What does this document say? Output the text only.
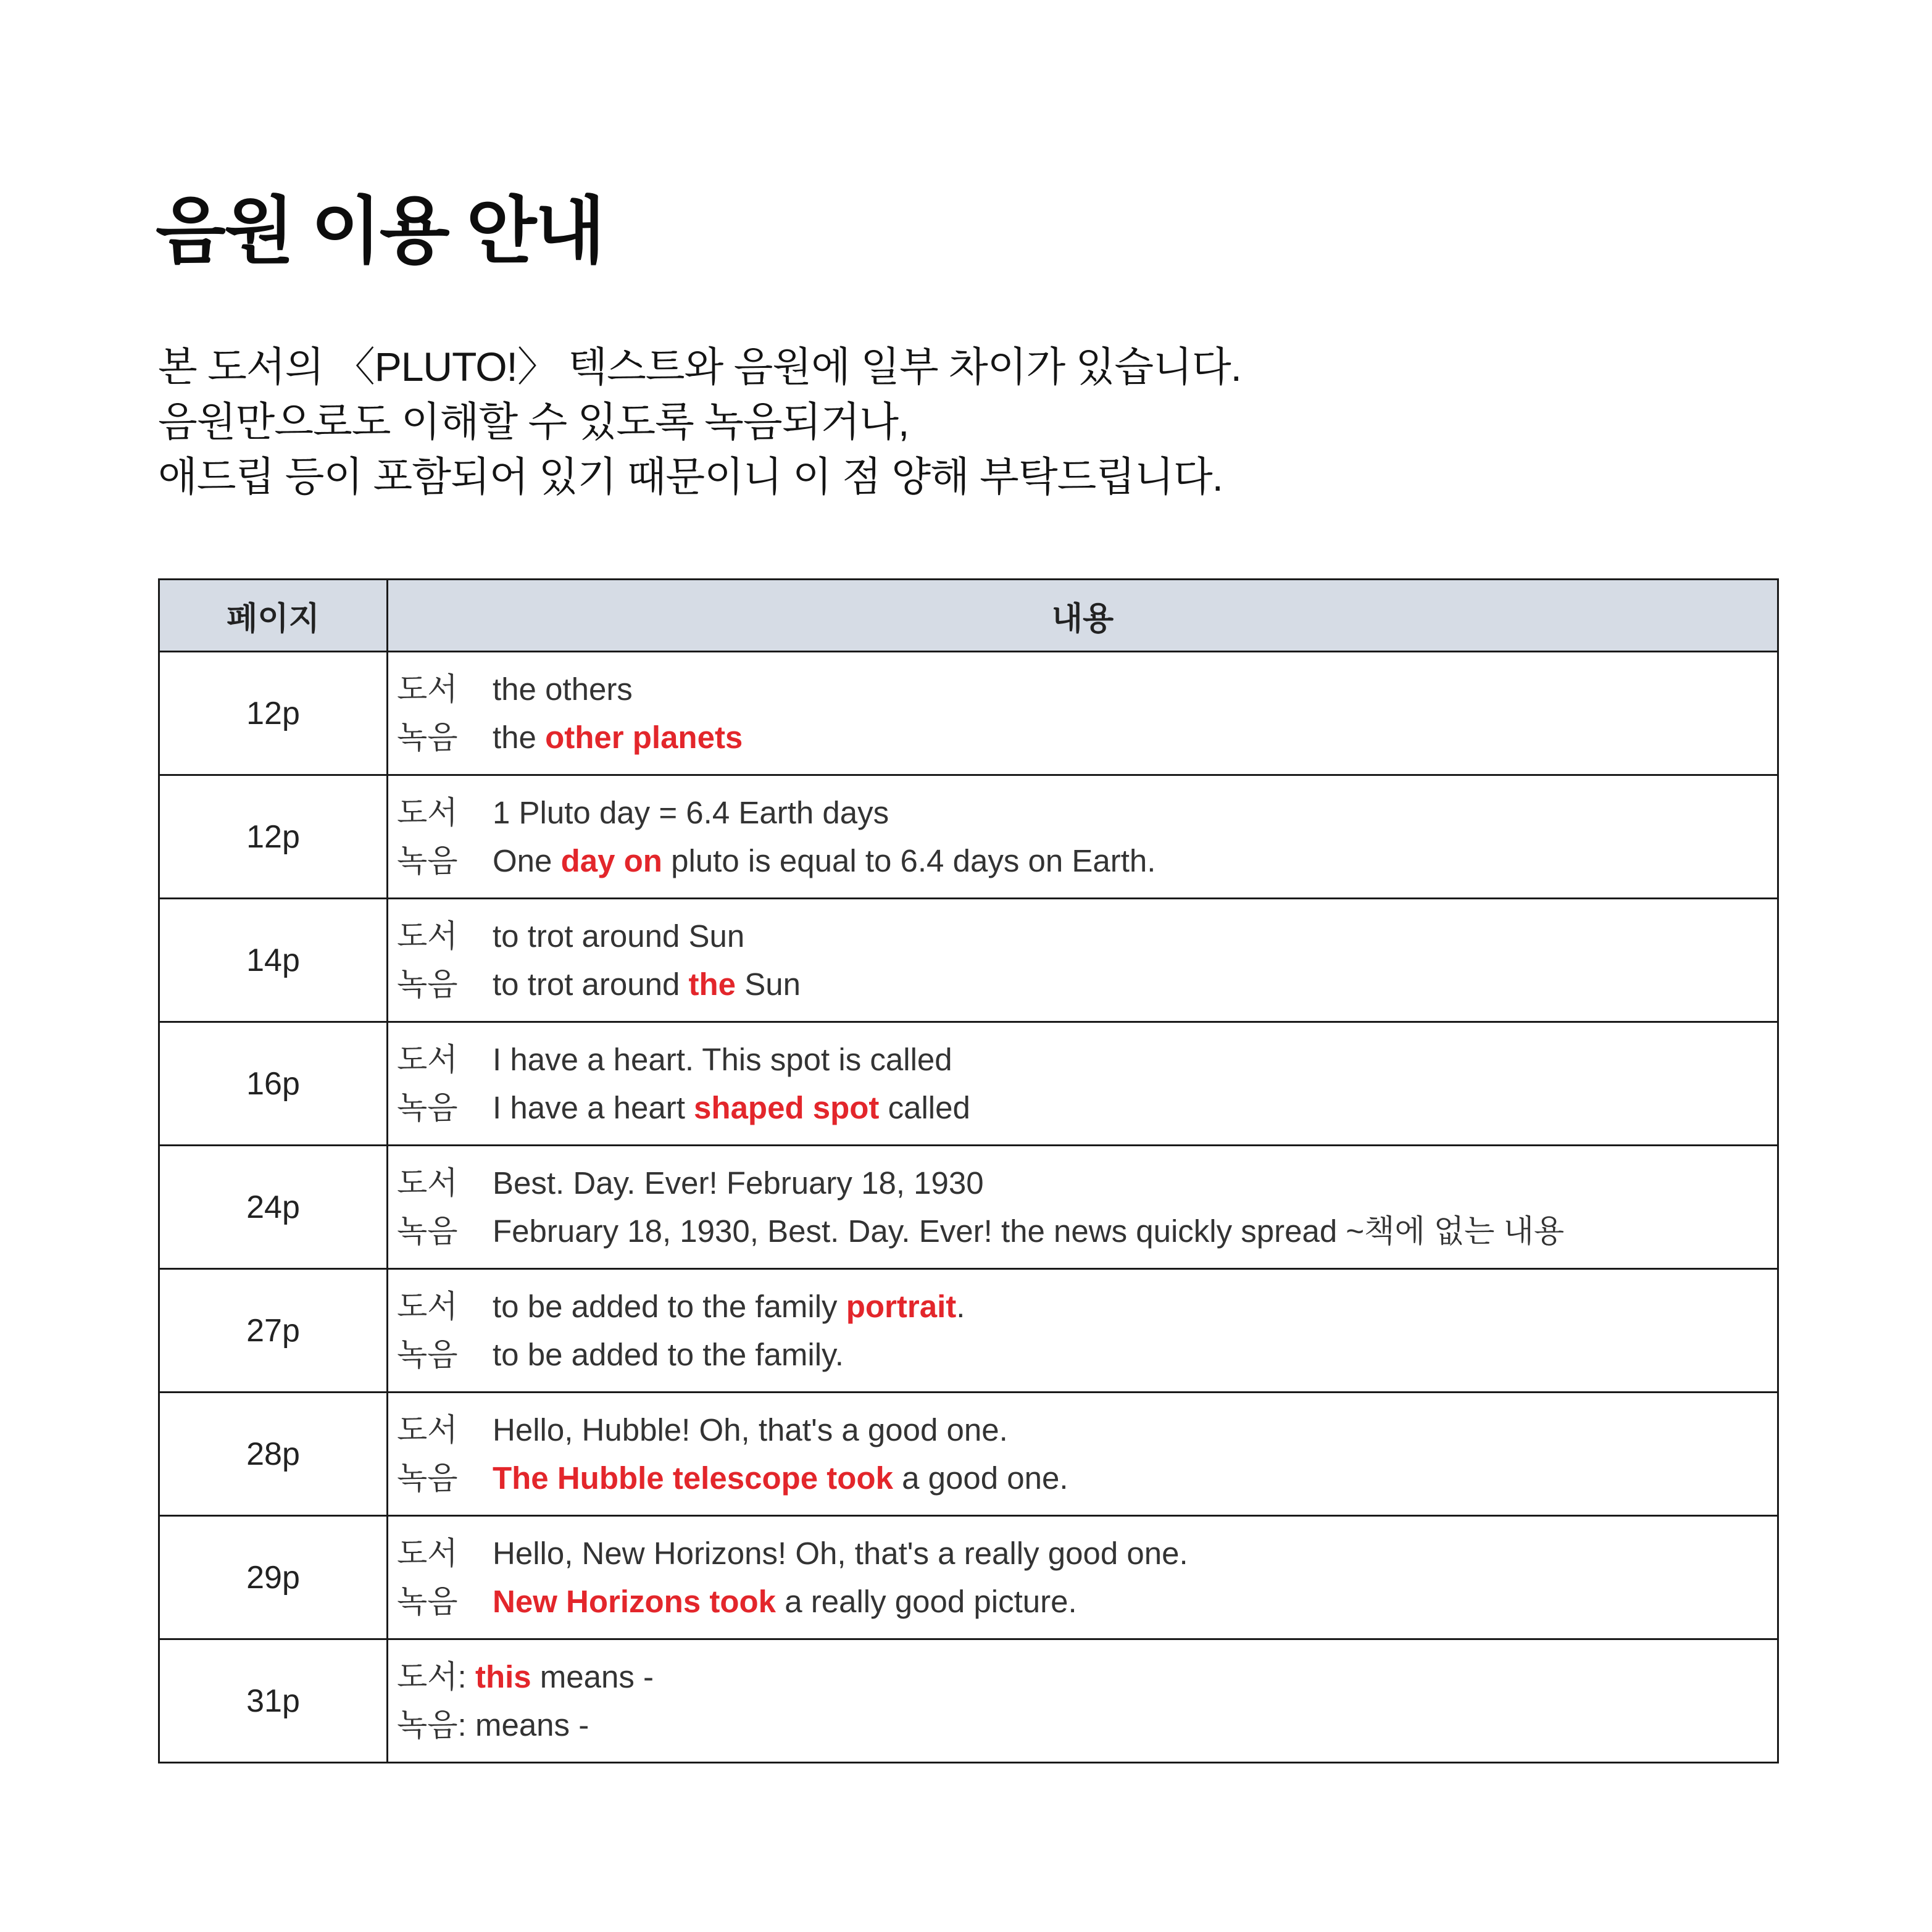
음원 이용 안내
본 도서의 〈PLUTO!〉 텍스트와 음원에 일부 차이가 있습니다.
음원만으로도 이해할 수 있도록 녹음되거나,
애드립 등이 포함되어 있기 때문이니 이 점 양해 부탁드립니다.
페이지	내용
12p
도서 the others
녹음 the other planets
12p
도서 1 Pluto day = 6.4 Earth days
녹음 One day on pluto is equal to 6.4 days on Earth.
14p
도서 to trot around Sun
녹음 to trot around the Sun
16p
도서 I have a heart. This spot is called
녹음 I have a heart shaped spot called
24p
도서 Best. Day. Ever! February 18, 1930
녹음 February 18, 1930, Best. Day. Ever! the news quickly spread ~책에 없는 내용
27p
도서 to be added to the family portrait.
녹음 to be added to the family.
28p
도서 Hello, Hubble! Oh, that's a good one.
녹음 The Hubble telescope took a good one.
29p
도서 Hello, New Horizons! Oh, that's a really good one.
녹음 New Horizons took a really good picture.
31p
도서: this means -
녹음: means -
